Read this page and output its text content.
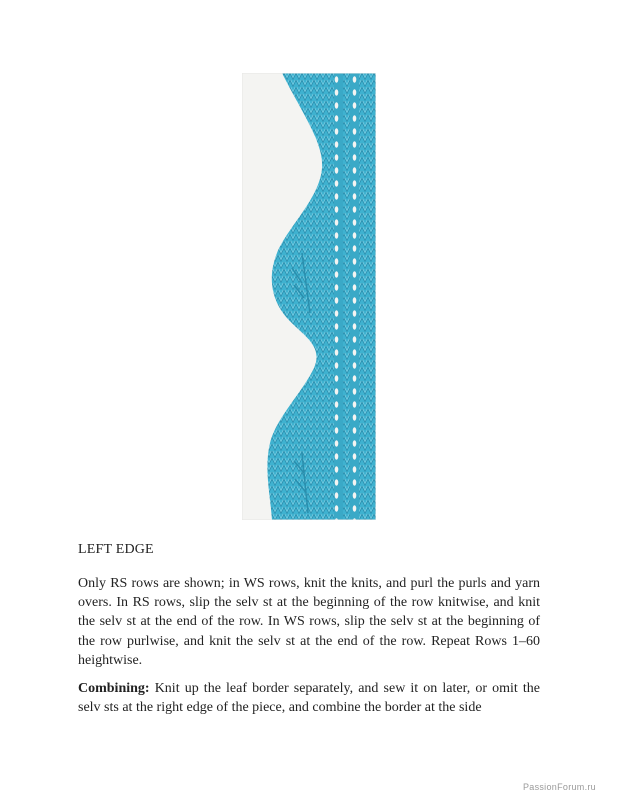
LEFT EDGE

Only RS rows are shown; in WS rows, knit the knits, and purl the purls and yarn overs. In RS rows, slip the selv st at the beginning of the row knitwise, and knit the selv st at the end of the row. In WS rows, slip the selv st at the beginning of the row purlwise, and knit the selv st at the end of the row. Repeat Rows 1–60 heightwise.

Combining: Knit up the leaf border separately, and sew it on later, or omit the selv sts at the right edge of the piece, and combine the border at the side

PassionForum.ru
